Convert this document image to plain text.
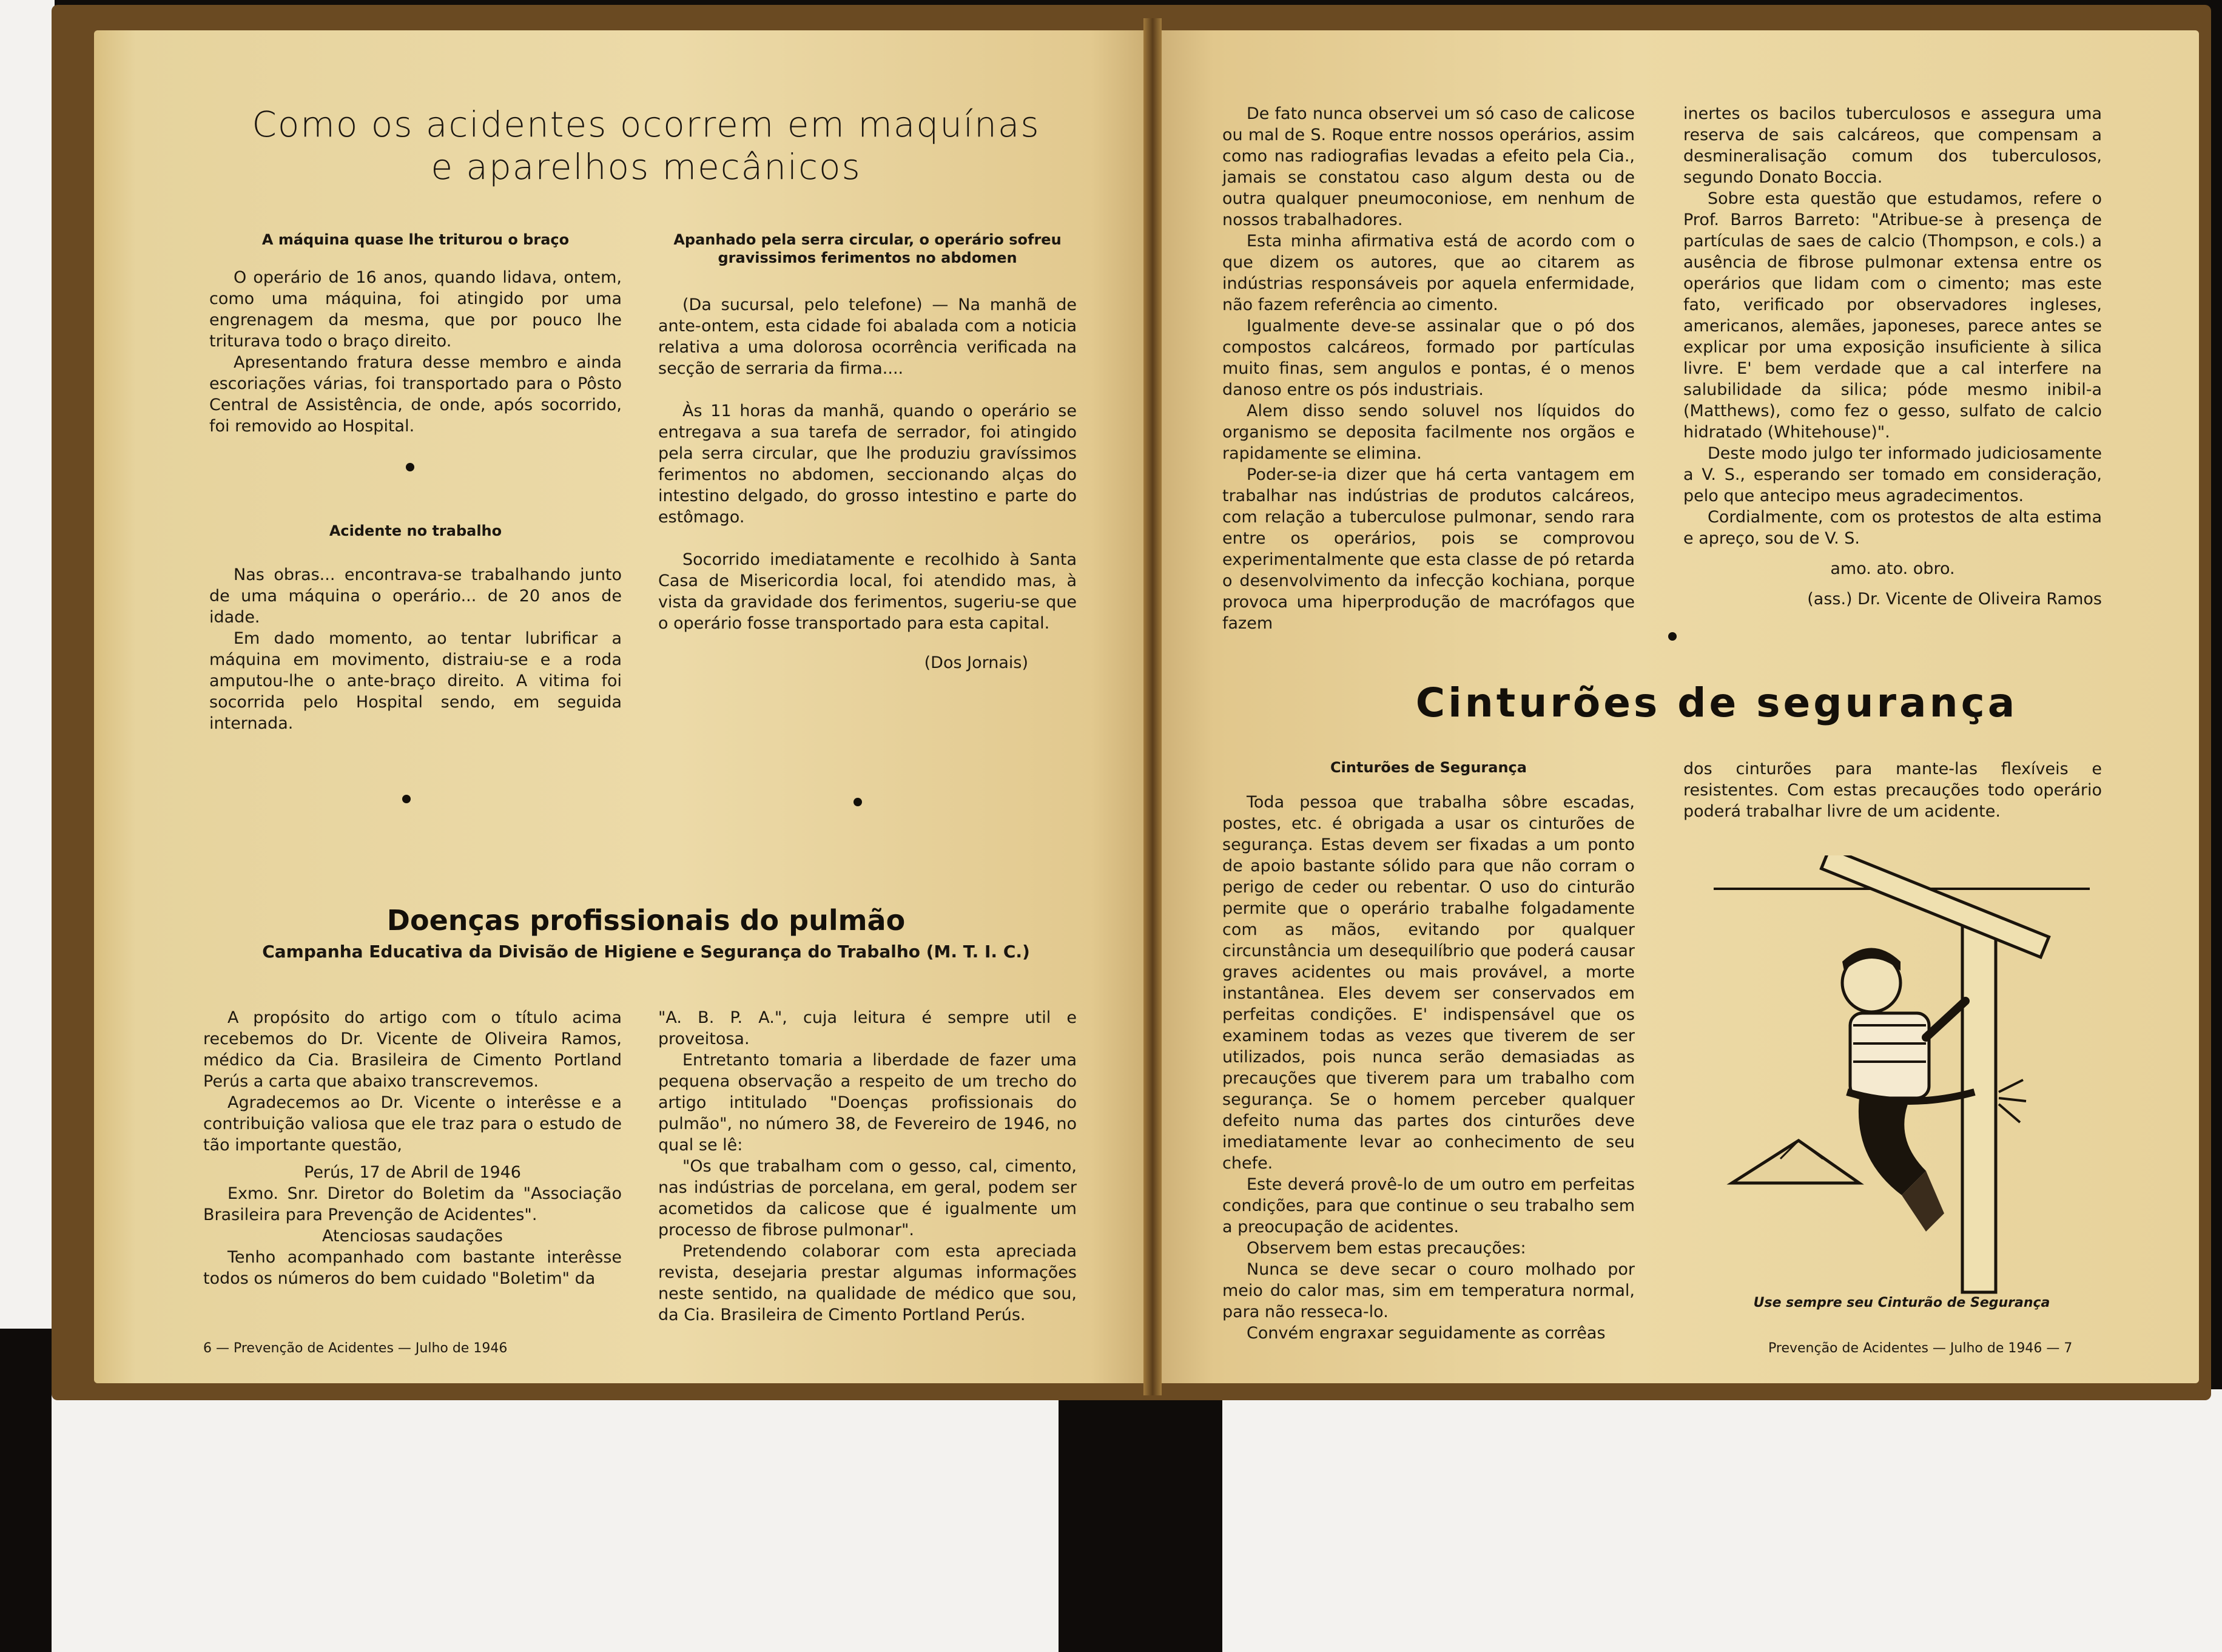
Como os acidentes ocorrem em maquínas e aparelhos mecânicos

A máquina quase lhe triturou o braço

O operário de 16 anos, quando lidava, ontem, como uma máquina, foi atingido por uma engrenagem da mesma, que por pouco lhe triturava todo o braço direito.

Apresentando fratura desse membro e ainda escoriações várias, foi transportado para o Pôsto Central de Assistência, de onde, após socorrido, foi removido ao Hospital.

Acidente no trabalho

Nas obras... encontrava-se trabalhando junto de uma máquina o operário... de 20 anos de idade.

Em dado momento, ao tentar lubrificar a máquina em movimento, distraiu-se e a roda amputou-lhe o ante-braço direito. A vitima foi socorrida pelo Hospital sendo, em seguida internada.

Apanhado pela serra circular, o operário sofreu gravissimos ferimentos no abdomen

(Da sucursal, pelo telefone) — Na manhã de ante-ontem, esta cidade foi abalada com a noticia relativa a uma dolorosa ocorrência verificada na secção de serraria da firma....

Às 11 horas da manhã, quando o operário se entregava a sua tarefa de serrador, foi atingido pela serra circular, que lhe produziu gravíssimos ferimentos no abdomen, seccionando alças do intestino delgado, do grosso intestino e parte do estômago.

Socorrido imediatamente e recolhido à Santa Casa de Misericordia local, foi atendido mas, à vista da gravidade dos ferimentos, sugeriu-se que o operário fosse transportado para esta capital.

(Dos Jornais)

Doenças profissionais do pulmão

Campanha Educativa da Divisão de Higiene e Segurança do Trabalho (M. T. I. C.)

A propósito do artigo com o título acima recebemos do Dr. Vicente de Oliveira Ramos, médico da Cia. Brasileira de Cimento Portland Perús a carta que abaixo transcrevemos.

Agradecemos ao Dr. Vicente o interêsse e a contribuição valiosa que ele traz para o estudo de tão importante questão,

Perús, 17 de Abril de 1946

Exmo. Snr. Diretor do Boletim da "Associação Brasileira para Prevenção de Acidentes".

Atenciosas saudações

Tenho acompanhado com bastante interêsse todos os números do bem cuidado "Boletim" da

"A. B. P. A.", cuja leitura é sempre util e proveitosa.

Entretanto tomaria a liberdade de fazer uma pequena observação a respeito de um trecho do artigo intitulado "Doenças profissionais do pulmão", no número 38, de Fevereiro de 1946, no qual se lê:

"Os que trabalham com o gesso, cal, cimento, nas indústrias de porcelana, em geral, podem ser acometidos da calicose que é igualmente um processo de fibrose pulmonar".

Pretendendo colaborar com esta apreciada revista, desejaria prestar algumas informações neste sentido, na qualidade de médico que sou, da Cia. Brasileira de Cimento Portland Perús.

6 — Prevenção de Acidentes — Julho de 1946

De fato nunca observei um só caso de calicose ou mal de S. Roque entre nossos operários, assim como nas radiografias levadas a efeito pela Cia., jamais se constatou caso algum desta ou de outra qualquer pneumoconiose, em nenhum de nossos trabalhadores.

Esta minha afirmativa está de acordo com o que dizem os autores, que ao citarem as indústrias responsáveis por aquela enfermidade, não fazem referência ao cimento.

Igualmente deve-se assinalar que o pó dos compostos calcáreos, formado por partículas muito finas, sem angulos e pontas, é o menos danoso entre os pós industriais.

Alem disso sendo soluvel nos líquidos do organismo se deposita facilmente nos orgãos e rapidamente se elimina.

Poder-se-ia dizer que há certa vantagem em trabalhar nas indústrias de produtos calcáreos, com relação a tuberculose pulmonar, sendo rara entre os operários, pois se comprovou experimentalmente que esta classe de pó retarda o desenvolvimento da infecção kochiana, porque provoca uma hiperprodução de macrófagos que fazem

inertes os bacilos tuberculosos e assegura uma reserva de sais calcáreos, que compensam a desmineralisação comum dos tuberculosos, segundo Donato Boccia.

Sobre esta questão que estudamos, refere o Prof. Barros Barreto: "Atribue-se à presença de partículas de saes de calcio (Thompson, e cols.) a ausência de fibrose pulmonar extensa entre os operários que lidam com o cimento; mas este fato, verificado por observadores ingleses, americanos, alemães, japoneses, parece antes se explicar por uma exposição insuficiente à silica livre. E' bem verdade que a cal interfere na salubilidade da silica; póde mesmo inibil-a (Matthews), como fez o gesso, sulfato de calcio hidratado (Whitehouse)".

Deste modo julgo ter informado judiciosamente a V. S., esperando ser tomado em consideração, pelo que antecipo meus agradecimentos.

Cordialmente, com os protestos de alta estima e apreço, sou de V. S.

amo. ato. obro.

(ass.) Dr. Vicente de Oliveira Ramos

Cinturões de segurança

Cinturões de Segurança

Toda pessoa que trabalha sôbre escadas, postes, etc. é obrigada a usar os cinturões de segurança. Estas devem ser fixadas a um ponto de apoio bastante sólido para que não corram o perigo de ceder ou rebentar. O uso do cinturão permite que o operário trabalhe folgadamente com as mãos, evitando por qualquer circunstância um desequilíbrio que poderá causar graves acidentes ou mais provável, a morte instantânea. Eles devem ser conservados em perfeitas condições. E' indispensável que os examinem todas as vezes que tiverem de ser utilizados, pois nunca serão demasiadas as precauções que tiverem para um trabalho com segurança. Se o homem perceber qualquer defeito numa das partes dos cinturões deve imediatamente levar ao conhecimento de seu chefe.

Este deverá provê-lo de um outro em perfeitas condições, para que continue o seu trabalho sem a preocupação de acidentes.

Observem bem estas precauções:

Nunca se deve secar o couro molhado por meio do calor mas, sim em temperatura normal, para não resseca-lo.

Convém engraxar seguidamente as corrêas

dos cinturões para mante-las flexíveis e resistentes. Com estas precauções todo operário poderá trabalhar livre de um acidente.

Use sempre seu Cinturão de Segurança

Prevenção de Acidentes — Julho de 1946 — 7
